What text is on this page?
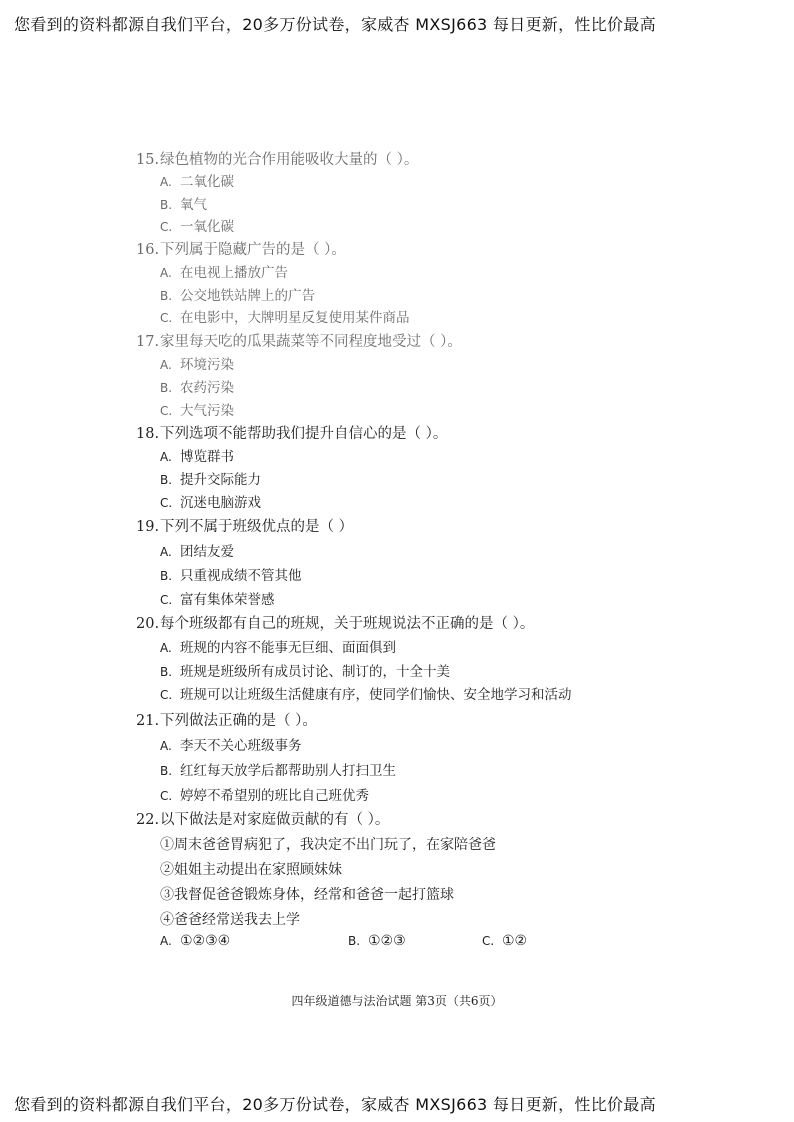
您看到的资料都源自我们平台，20多万份试卷，家威杏 MXSJ663 每日更新，性比价最高
15.绿色植物的光合作用能吸收大量的（ ）。
A. 二氧化碳
B. 氧气
C. 一氧化碳
16.下列属于隐藏广告的是（ ）。
A. 在电视上播放广告
B. 公交地铁站牌上的广告
C. 在电影中，大牌明星反复使用某件商品
17.家里每天吃的瓜果蔬菜等不同程度地受过（ ）。
A. 环境污染
B. 农药污染
C. 大气污染
18.下列选项不能帮助我们提升自信心的是（ ）。
A. 博览群书
B. 提升交际能力
C. 沉迷电脑游戏
19.下列不属于班级优点的是（ ）
A. 团结友爱
B. 只重视成绩不管其他
C. 富有集体荣誉感
20.每个班级都有自己的班规，关于班规说法不正确的是（ ）。
A. 班规的内容不能事无巨细、面面俱到
B. 班规是班级所有成员讨论、制订的，十全十美
C. 班规可以让班级生活健康有序，使同学们愉快、安全地学习和活动
21.下列做法正确的是（ ）。
A. 李天不关心班级事务
B. 红红每天放学后都帮助别人打扫卫生
C. 婷婷不希望别的班比自己班优秀
22.以下做法是对家庭做贡献的有（ ）。
①周末爸爸胃病犯了，我决定不出门玩了，在家陪爸爸
②姐姐主动提出在家照顾妹妹
③我督促爸爸锻炼身体，经常和爸爸一起打篮球
④爸爸经常送我去上学
A. ①②③④	B. ①②③	C. ①②
四年级道德与法治试题 第3页（共6页）
您看到的资料都源自我们平台，20多万份试卷，家威杏 MXSJ663 每日更新，性比价最高
